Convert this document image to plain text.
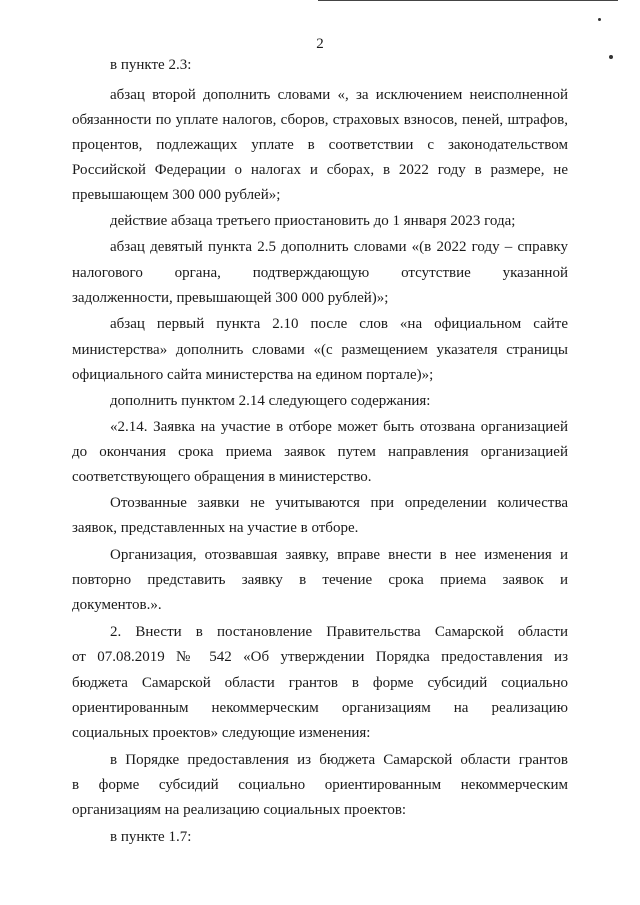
2

в пункте 2.3:

абзац второй дополнить словами «, за исключением неисполненной

обязанности по уплате налогов, сборов, страховых взносов, пеней, штрафов,

процентов, подлежащих уплате в соответствии с законодательством

Российской Федерации о налогах и сборах, в 2022 году в размере, не

превышающем 300 000 рублей»;

действие абзаца третьего приостановить до 1 января 2023 года;

абзац девятый пункта 2.5 дополнить словами «(в 2022 году – справку

налогового органа, подтверждающую отсутствие указанной

задолженности, превышающей 300 000 рублей)»;

абзац первый пункта 2.10 после слов «на официальном сайте

министерства» дополнить словами «(с размещением указателя страницы

официального сайта министерства на едином портале)»;

дополнить пунктом 2.14 следующего содержания:

«2.14. Заявка на участие в отборе может быть отозвана организацией

до окончания срока приема заявок путем направления организацией

соответствующего обращения в министерство.

Отозванные заявки не учитываются при определении количества

заявок, представленных на участие в отборе.

Организация, отозвавшая заявку, вправе внести в нее изменения и

повторно представить заявку в течение срока приема заявок и

документов.».

2. Внести в постановление Правительства Самарской области

от 07.08.2019 № 542 «Об утверждении Порядка предоставления из

бюджета Самарской области грантов в форме субсидий социально

ориентированным некоммерческим организациям на реализацию

социальных проектов» следующие изменения:

в Порядке предоставления из бюджета Самарской области грантов

в форме субсидий социально ориентированным некоммерческим

организациям на реализацию социальных проектов:

в пункте 1.7:
